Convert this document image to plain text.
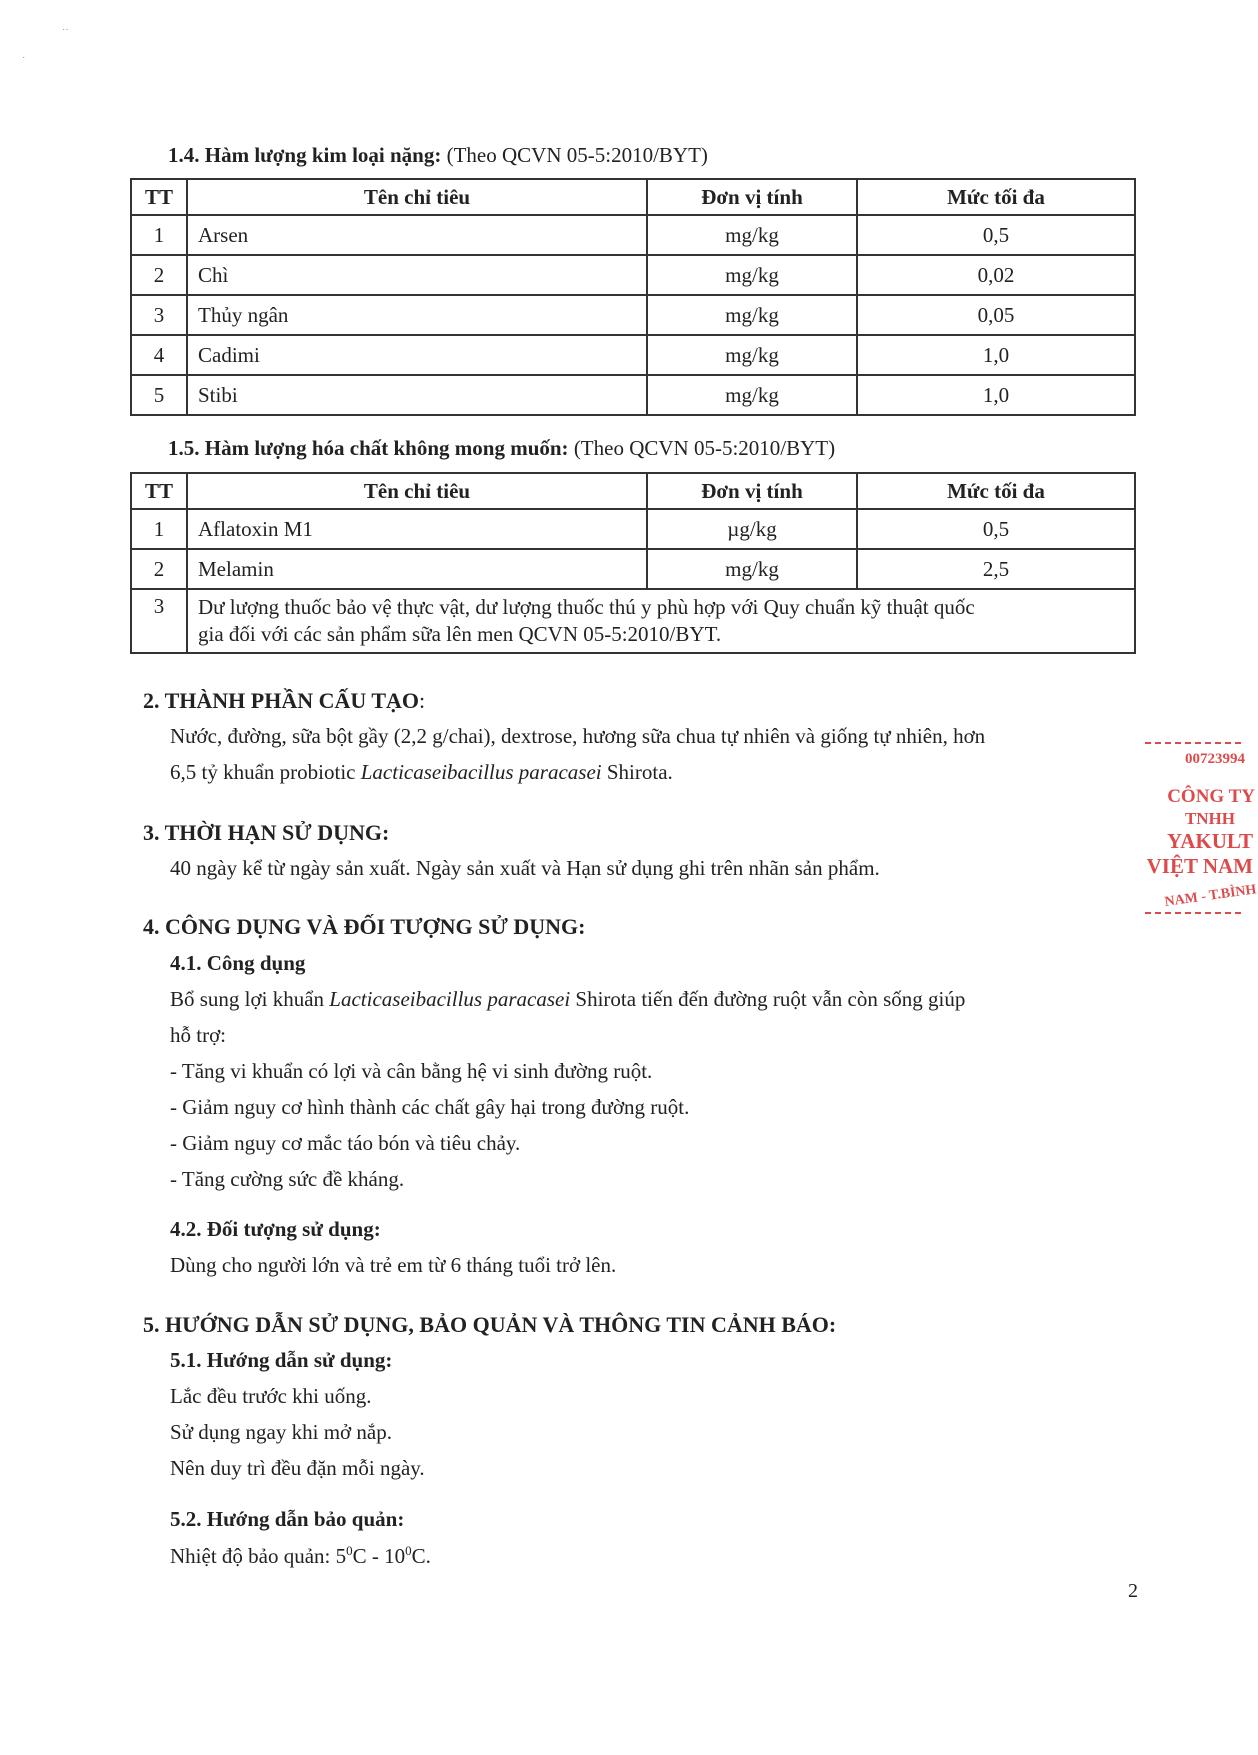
˙˙
˙
1.4. Hàm lượng kim loại nặng: (Theo QCVN 05-5:2010/BYT)
TT	Tên chỉ tiêu	Đơn vị tính	Mức tối đa
1	Arsen	mg/kg	0,5
2	Chì	mg/kg	0,02
3	Thủy ngân	mg/kg	0,05
4	Cadimi	mg/kg	1,0
5	Stibi	mg/kg	1,0
1.5. Hàm lượng hóa chất không mong muốn: (Theo QCVN 05-5:2010/BYT)
TT	Tên chỉ tiêu	Đơn vị tính	Mức tối đa
1	Aflatoxin M1	µg/kg	0,5
2	Melamin	mg/kg	2,5
3	Dư lượng thuốc bảo vệ thực vật, dư lượng thuốc thú y phù hợp với Quy chuẩn kỹ thuật quốc
gia đối với các sản phẩm sữa lên men QCVN 05-5:2010/BYT.		
2. THÀNH PHẦN CẤU TẠO:
Nước, đường, sữa bột gầy (2,2 g/chai), dextrose, hương sữa chua tự nhiên và giống tự nhiên, hơn
6,5 tỷ khuẩn probiotic Lacticaseibacillus paracasei Shirota.
3. THỜI HẠN SỬ DỤNG:
40 ngày kể từ ngày sản xuất. Ngày sản xuất và Hạn sử dụng ghi trên nhãn sản phẩm.
4. CÔNG DỤNG VÀ ĐỐI TƯỢNG SỬ DỤNG:
4.1. Công dụng
Bổ sung lợi khuẩn Lacticaseibacillus paracasei Shirota tiến đến đường ruột vẫn còn sống giúp
hỗ trợ:
- Tăng vi khuẩn có lợi và cân bằng hệ vi sinh đường ruột.
- Giảm nguy cơ hình thành các chất gây hại trong đường ruột.
- Giảm nguy cơ mắc táo bón và tiêu chảy.
- Tăng cường sức đề kháng.
4.2. Đối tượng sử dụng:
Dùng cho người lớn và trẻ em từ 6 tháng tuổi trở lên.
5. HƯỚNG DẪN SỬ DỤNG, BẢO QUẢN VÀ THÔNG TIN CẢNH BÁO:
5.1. Hướng dẫn sử dụng:
Lắc đều trước khi uống.
Sử dụng ngay khi mở nắp.
Nên duy trì đều đặn mỗi ngày.
5.2. Hướng dẫn bảo quản:
Nhiệt độ bảo quản: $5^0C - 10^0C$.
00723994
CÔNG TY
TNHH
YAKULT
VIỆT NAM
NAM - T.BÌNH
2
